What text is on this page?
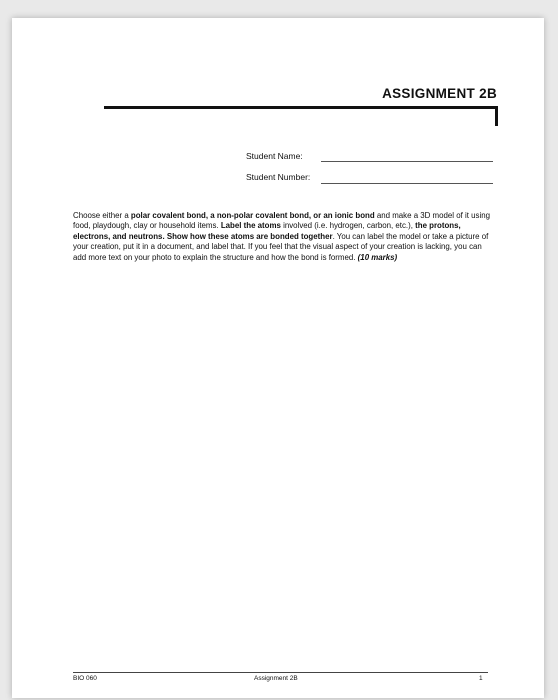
ASSIGNMENT 2B
Student Name:
Student Number:
Choose either a polar covalent bond, a non-polar covalent bond, or an ionic bond and make a 3D model of it using food, playdough, clay or household items. Label the atoms involved (i.e. hydrogen, carbon, etc.), the protons, electrons, and neutrons. Show how these atoms are bonded together. You can label the model or take a picture of your creation, put it in a document, and label that. If you feel that the visual aspect of your creation is lacking, you can add more text on your photo to explain the structure and how the bond is formed. (10 marks)
BIO 060	Assignment 2B	1
